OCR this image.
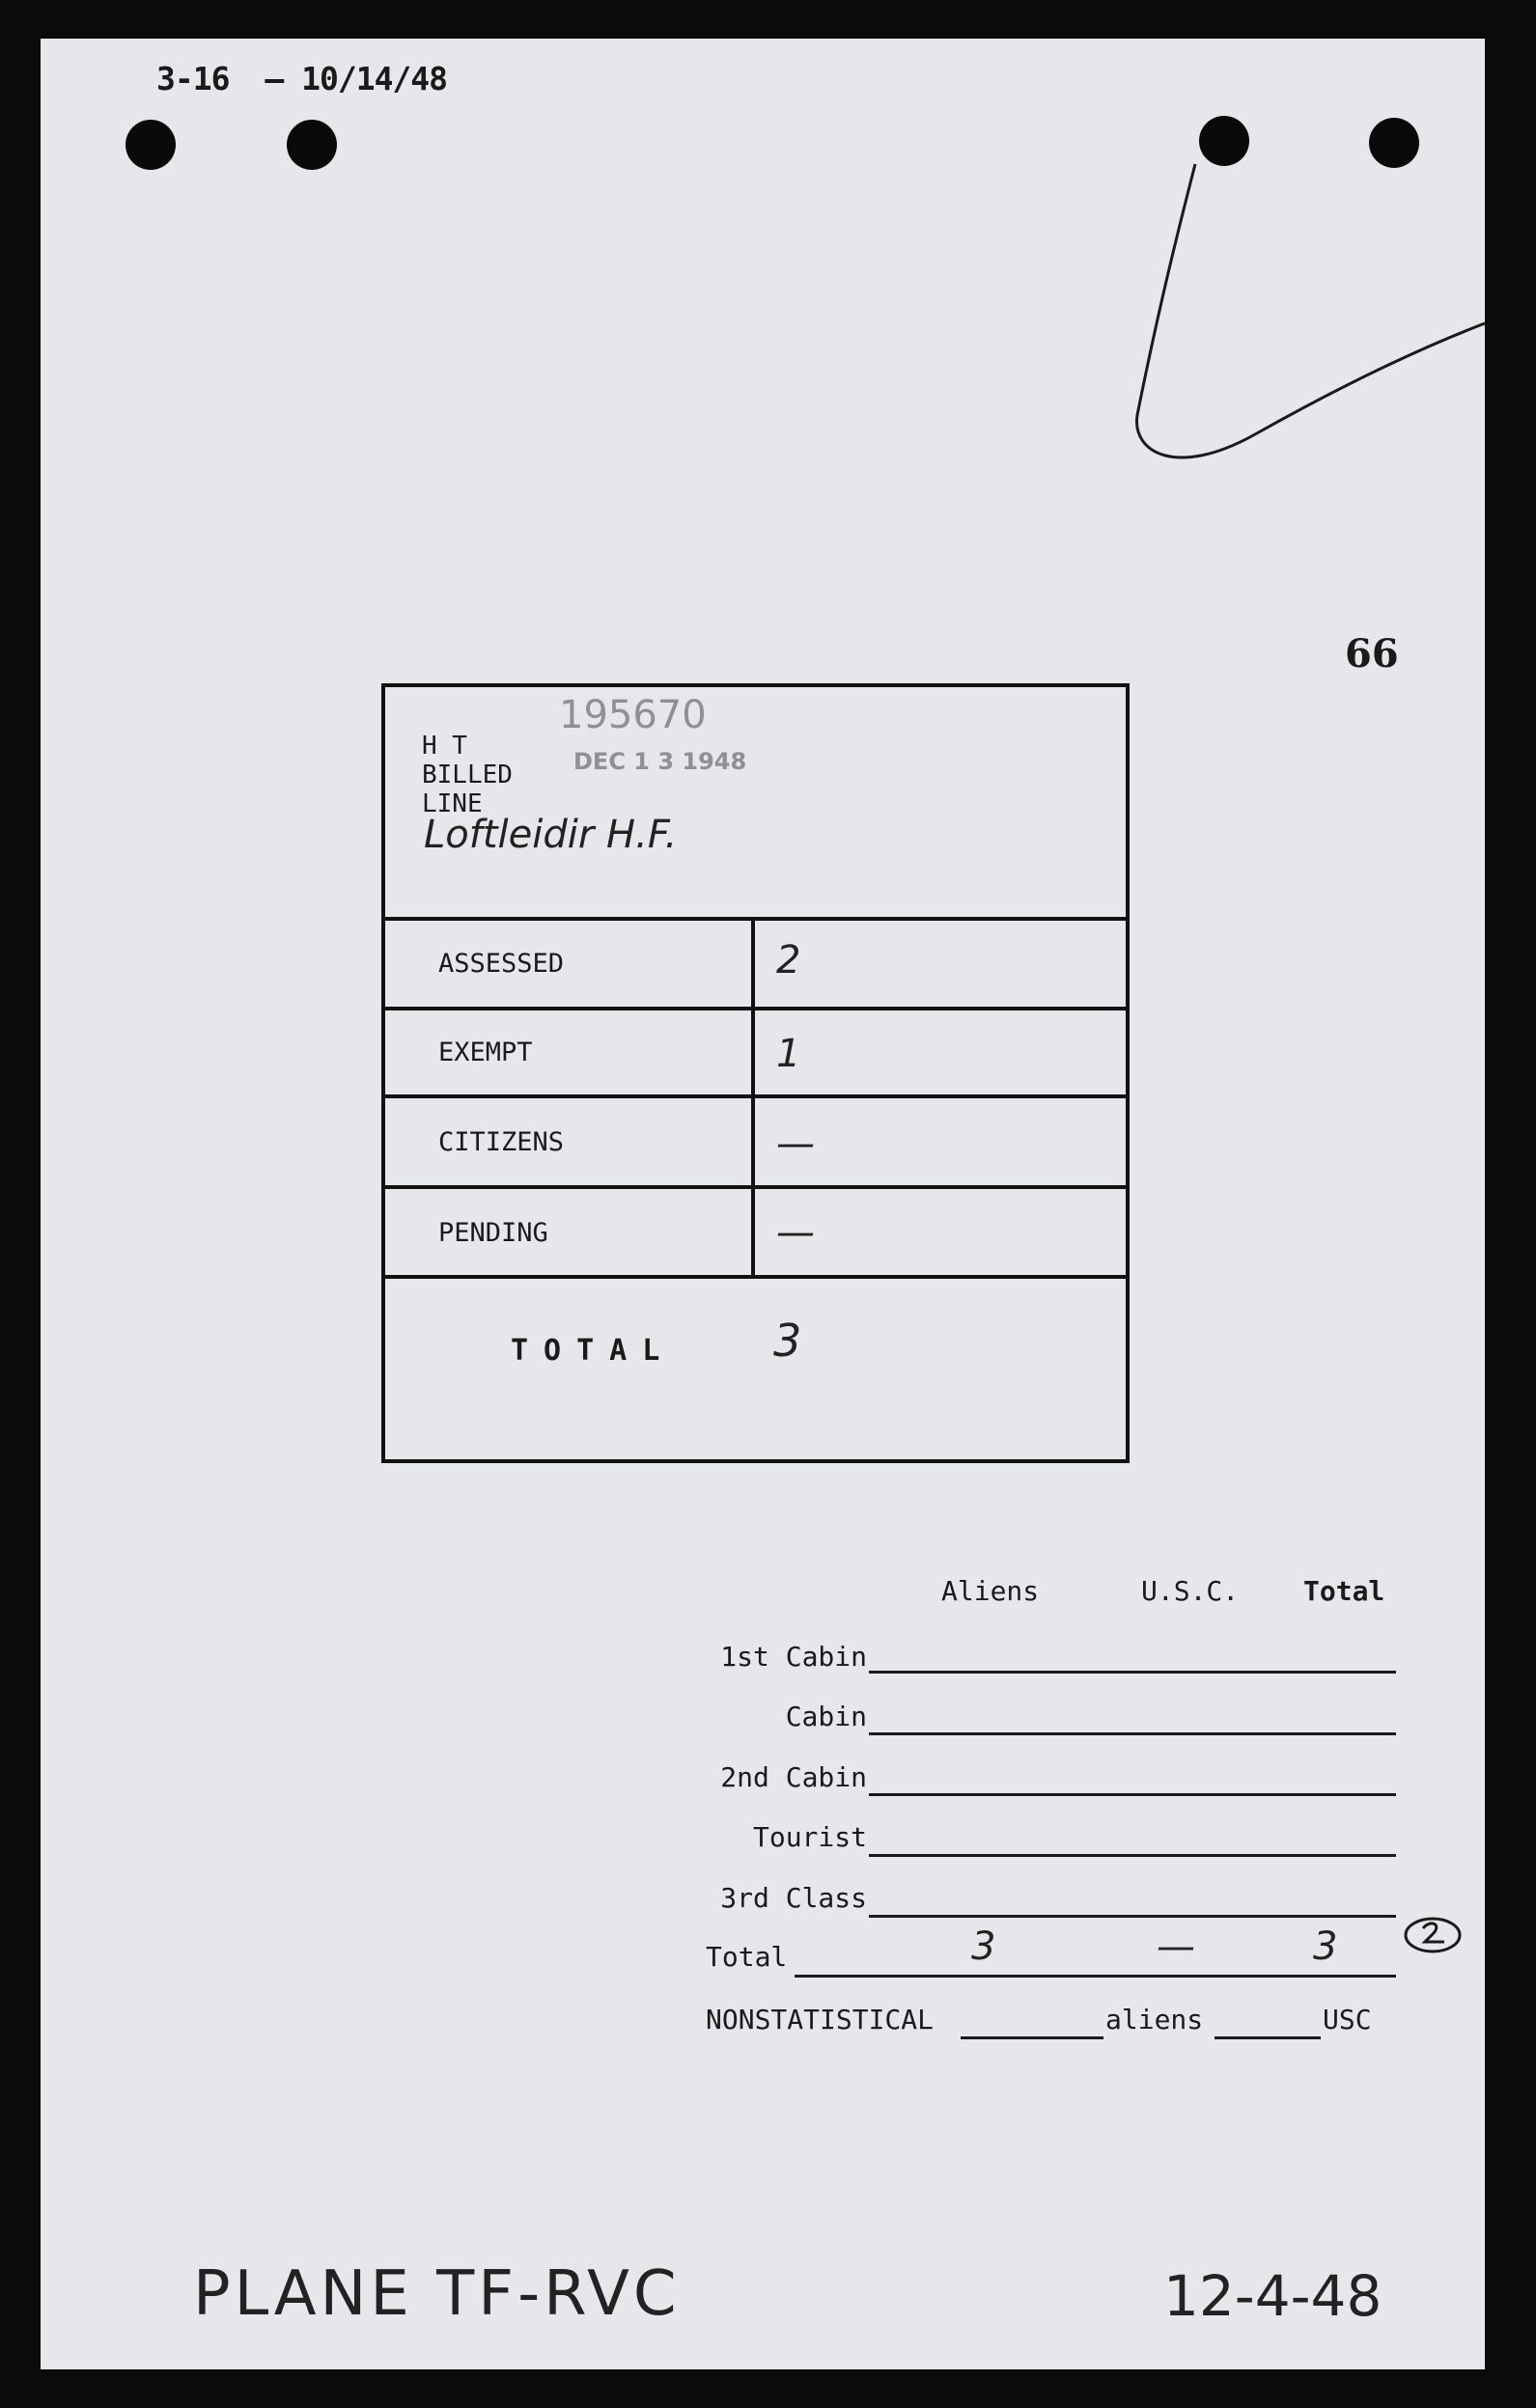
3-16 — 10/14/48
66
195670
DEC 1 3 1948
H T
BILLED
LINE
Loftleidir H.F.
ASSESSED	2
EXEMPT	1
CITIZENS	—
PENDING	—
TOTAL 3
Aliens	U.S.C. Total
1st Cabin
Cabin
2nd Cabin
Tourist
3rd Class
Total	3	—	3
NONSTATISTICAL	aliens	USC
PLANE TF-RVC	12-4-48
